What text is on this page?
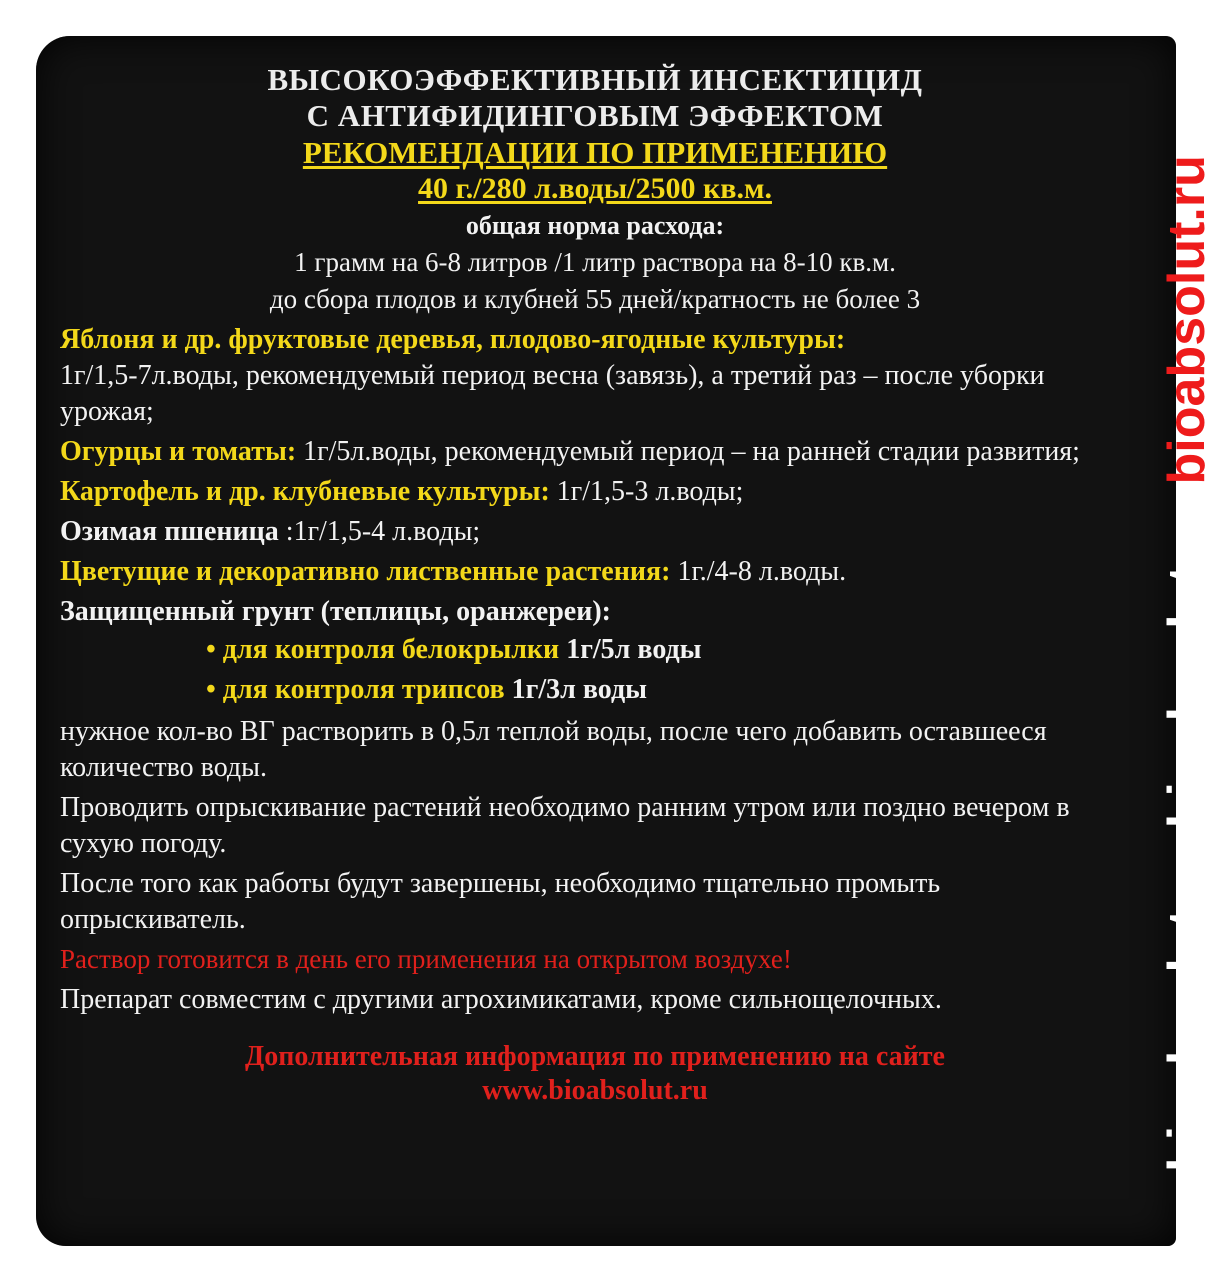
ВЫСОКОЭФФЕКТИВНЫЙ ИНСЕКТИЦИД
С АНТИФИДИНГОВЫМ ЭФФЕКТОМ
РЕКОМЕНДАЦИИ ПО ПРИМЕНЕНИЮ
40 г./280 л.воды/2500 кв.м.
общая норма расхода:
1 грамм на 6-8 литров /1 литр раствора на 8-10 кв.м.
до сбора плодов и клубней 55 дней/кратность не более 3
Яблоня и др. фруктовые деревья, плодово-ягодные культуры:
1г/1,5-7л.воды, рекомендуемый период весна (завязь), а третий раз – после уборки урожая;
Огурцы и томаты: 1г/5л.воды, рекомендуемый период – на ранней стадии развития;
Картофель и др. клубневые культуры: 1г/1,5-3 л.воды;
Озимая пшеница :1г/1,5-4 л.воды;
Цветущие и декоративно лиственные растения: 1г./4-8 л.воды.
Защищенный грунт (теплицы, оранжереи):
• для контроля белокрылки 1г/5л воды
• для контроля трипсов 1г/3л воды
нужное кол-во ВГ растворить в 0,5л теплой воды, после чего добавить оставшееся количество воды.
Проводить опрыскивание растений необходимо ранним утром или поздно вечером в сухую погоду.
После того как работы будут завершены, необходимо тщательно промыть опрыскиватель.
Раствор готовится в день его применения на открытом воздухе!
Препарат совместим с другими агрохимикатами, кроме сильнощелочных.
Дополнительная информация по применению на сайте
www.bioabsolut.ru	bioabsolut.ru bioabsolut.ru bioabsolut.ru
